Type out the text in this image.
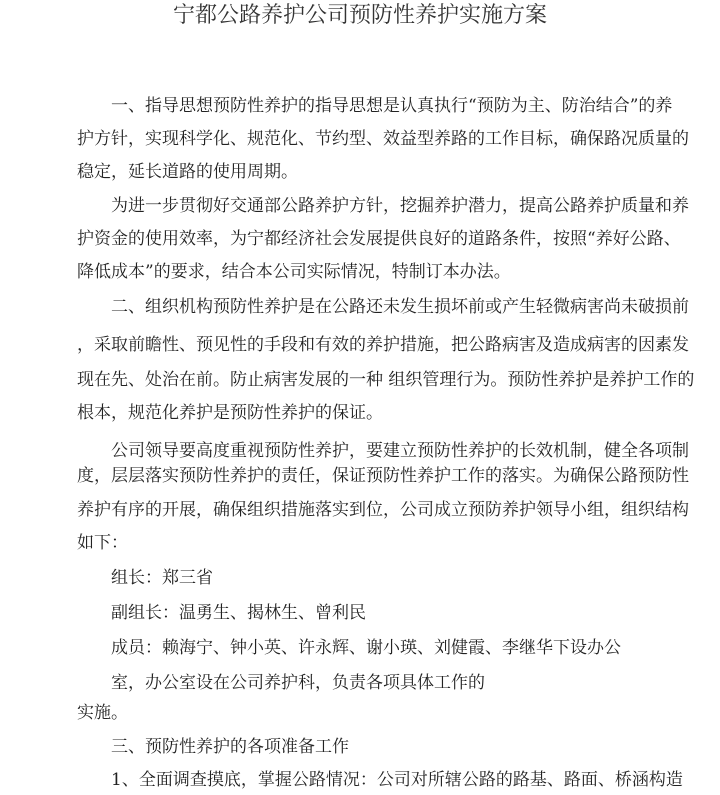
宁都公路养护公司预防性养护实施方案
一、指导思想预防性养护的指导思想是认真执行“预防为主、防治结合”的养
护方针，实现科学化、规范化、节约型、效益型养路的工作目标，确保路况质量的
稳定，延长道路的使用周期。
为进一步贯彻好交通部公路养护方针，挖掘养护潜力，提高公路养护质量和养
护资金的使用效率，为宁都经济社会发展提供良好的道路条件，按照“养好公路、
降低成本”的要求，结合本公司实际情况，特制订本办法。
二、组织机构预防性养护是在公路还未发生损坏前或产生轻微病害尚未破损前
，采取前瞻性、预见性的手段和有效的养护措施，把公路病害及造成病害的因素发
现在先、处治在前。防止病害发展的一种 组织管理行为。预防性养护是养护工作的
根本，规范化养护是预防性养护的保证。
公司领导要高度重视预防性养护，要建立预防性养护的长效机制，健全各项制
度，层层落实预防性养护的责任，保证预防性养护工作的落实。为确保公路预防性
养护有序的开展，确保组织措施落实到位，公司成立预防养护领导小组，组织结构
如下：
组长：郑三省
副组长：温勇生、揭林生、曾利民
成员：赖海宁、钟小英、许永辉、谢小瑛、刘健霞、李继华下设办公
室，办公室设在公司养护科，负责各项具体工作的
实施。
三、预防性养护的各项准备工作
1、全面调查摸底，掌握公路情况：公司对所辖公路的路基、路面、桥涵构造
